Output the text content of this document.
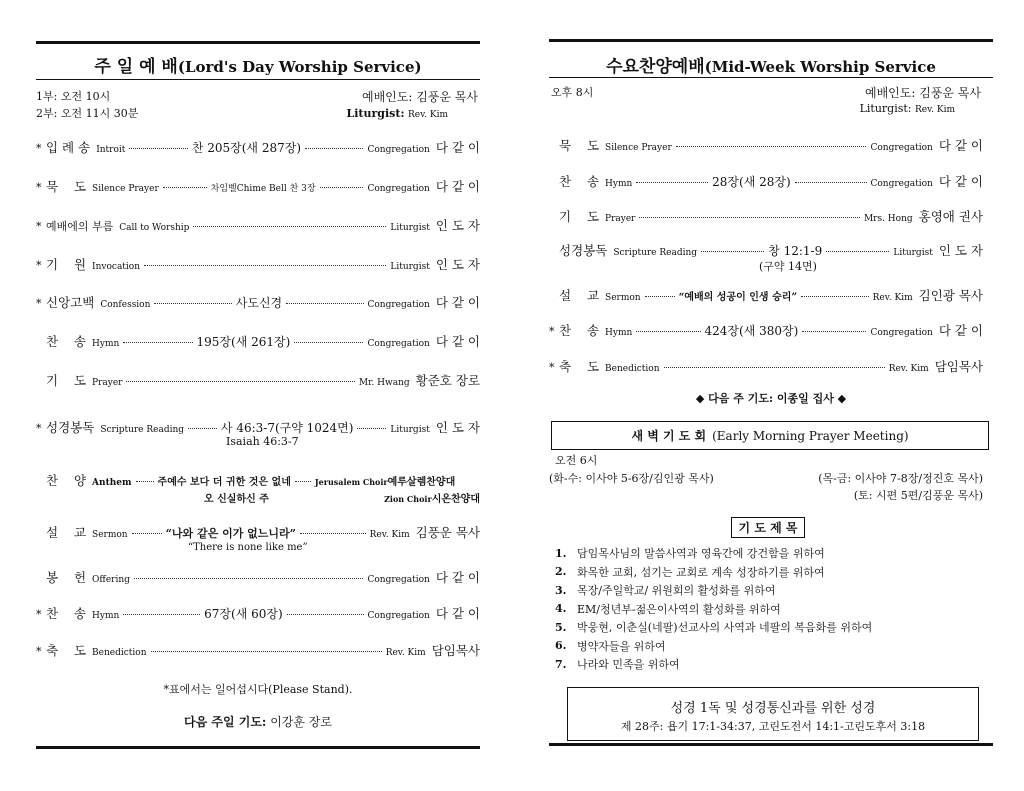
주 일 예 배(Lord's Day Worship Service)
1부: 오전 10시
2부: 오전 11시 30분
예배인도: 김풍운 목사
Liturgist: Rev. Kim
* 입 례 송 Introit	찬 205장(새 287장)	Congregation 다 같 이
* 묵    도 Silence Prayer	차임벨Chime Bell 찬 3장	Congregation 다 같 이
* 예배에의 부름 Call to Worship	Liturgist 인 도 자
* 기    원 Invocation	Liturgist 인 도 자
* 신앙고백 Confession	사도신경	Congregation 다 같 이
찬    송 Hymn	195장(새 261장)	Congregation 다 같 이
기    도 Prayer	Mr. Hwang 황준호 장로
* 성경봉독 Scripture Reading	사 46:3-7(구약 1024면)	Liturgist 인 도 자
Isaiah 46:3-7
찬    양 Anthem	주예수 보다 더 귀한 것은 없네	Jerusalem Choir 예루살렘찬양대
오 신실하신 주	Zion Choir 시온찬양대
설    교 Sermon	“나와 같은 이가 없느니라”	Rev. Kim 김풍운 목사
“There is none like me”
봉    헌 Offering	Congregation 다 같 이
* 찬    송 Hymn	67장(새 60장)	Congregation 다 같 이
* 축    도 Benediction	Rev. Kim 담임목사
*표에서는 일어섭시다(Please Stand).
다음 주일 기도: 이강훈 장로
수요찬양예배(Mid-Week Worship Service
오후 8시	예배인도: 김풍운 목사
Liturgist: Rev. Kim
묵    도 Silence Prayer	Congregation 다 같 이
찬    송 Hymn	28장(새 28장)	Congregation 다 같 이
기    도 Prayer	Mrs. Hong 홍영애 권사
성경봉독 Scripture Reading	창 12:1-9	Liturgist 인 도 자
(구약 14면)
설    교 Sermon	“예배의 성공이 인생 승리”	Rev. Kim 김인광 목사
* 찬    송 Hymn	424장(새 380장)	Congregation 다 같 이
* 축    도 Benediction	Rev. Kim 담임목사
◆ 다음 주 기도: 이종일 집사 ◆
새 벽 기 도 회 (Early Morning Prayer Meeting)
오전 6시
(화-수: 이사야 5-6장/김인광 목사)	(목-금: 이사야 7-8장/정진호 목사)
(토: 시편 5편/김풍운 목사)
기 도 제 목
1. 담임목사님의 말씀사역과 영육간에 강건함을 위하여
2. 화목한 교회, 섬기는 교회로 계속 성장하기를 위하여
3. 목장/주일학교/ 위원회의 활성화를 위하여
4. EM/청년부-젊은이사역의 활성화를 위하여
5. 박웅현, 이춘실(네팔)선교사의 사역과 네팔의 복음화를 위하여
6. 병약자들을 위하여
7. 나라와 민족을 위하여
성경 1독 및 성경통신과를 위한 성경
제 28주: 욥기 17:1-34:37, 고린도전서 14:1-고린도후서 3:18
